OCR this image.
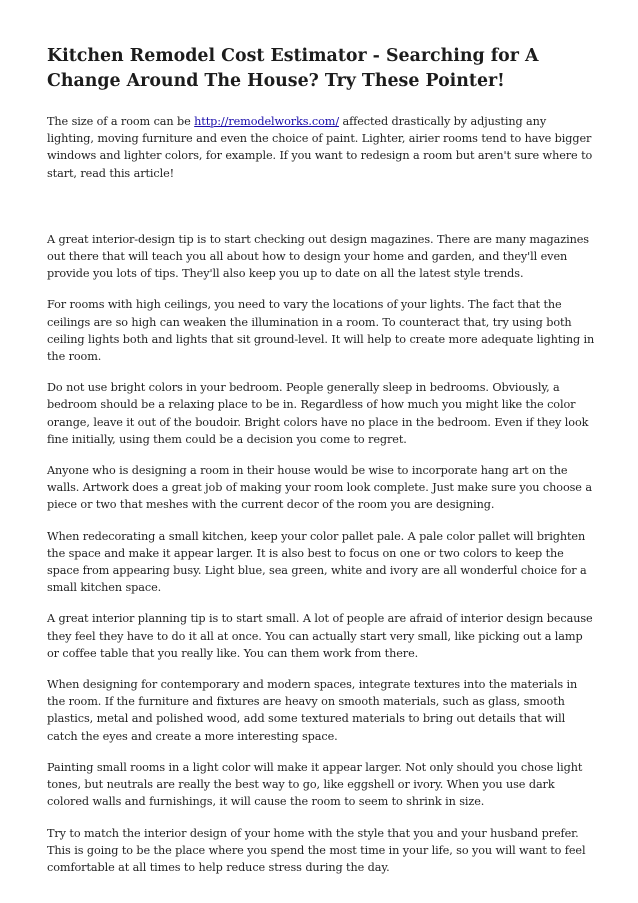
Kitchen Remodel Cost Estimator - Searching for A Change Around The House? Try These Pointer!

The size of a room can be http://remodelworks.com/ affected drastically by adjusting any lighting, moving furniture and even the choice of paint. Lighter, airier rooms tend to have bigger windows and lighter colors, for example. If you want to redesign a room but aren't sure where to start, read this article!

A great interior-design tip is to start checking out design magazines. There are many magazines out there that will teach you all about how to design your home and garden, and they'll even provide you lots of tips. They'll also keep you up to date on all the latest style trends.

For rooms with high ceilings, you need to vary the locations of your lights. The fact that the ceilings are so high can weaken the illumination in a room. To counteract that, try using both ceiling lights both and lights that sit ground-level. It will help to create more adequate lighting in the room.

Do not use bright colors in your bedroom. People generally sleep in bedrooms. Obviously, a bedroom should be a relaxing place to be in. Regardless of how much you might like the color orange, leave it out of the boudoir. Bright colors have no place in the bedroom. Even if they look fine initially, using them could be a decision you come to regret.

Anyone who is designing a room in their house would be wise to incorporate hang art on the walls. Artwork does a great job of making your room look complete. Just make sure you choose a piece or two that meshes with the current decor of the room you are designing.

When redecorating a small kitchen, keep your color pallet pale. A pale color pallet will brighten the space and make it appear larger. It is also best to focus on one or two colors to keep the space from appearing busy. Light blue, sea green, white and ivory are all wonderful choice for a small kitchen space.

A great interior planning tip is to start small. A lot of people are afraid of interior design because they feel they have to do it all at once. You can actually start very small, like picking out a lamp or coffee table that you really like. You can them work from there.

When designing for contemporary and modern spaces, integrate textures into the materials in the room. If the furniture and fixtures are heavy on smooth materials, such as glass, smooth plastics, metal and polished wood, add some textured materials to bring out details that will catch the eyes and create a more interesting space.

Painting small rooms in a light color will make it appear larger. Not only should you chose light tones, but neutrals are really the best way to go, like eggshell or ivory. When you use dark colored walls and furnishings, it will cause the room to seem to shrink in size.

Try to match the interior design of your home with the style that you and your husband prefer. This is going to be the place where you spend the most time in your life, so you will want to feel comfortable at all times to help reduce stress during the day.
